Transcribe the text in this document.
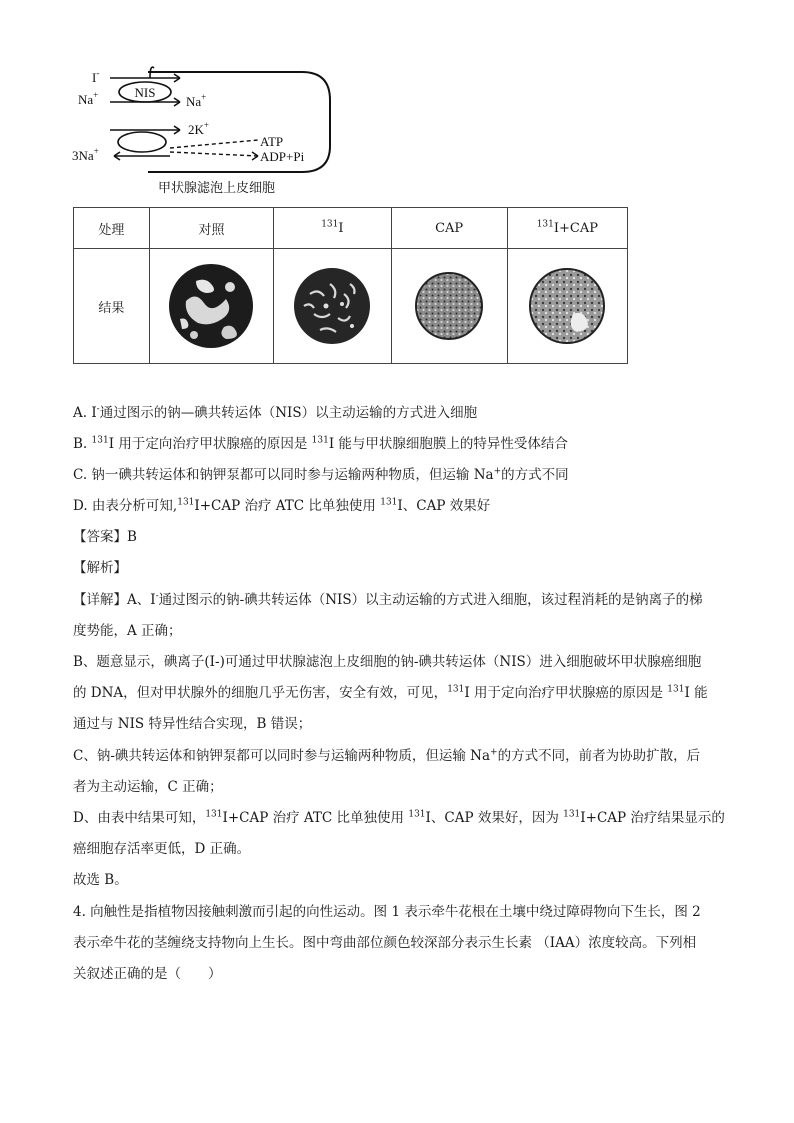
NIS
I-
Na+	Na+
2K+
ATP
ADP+Pi
3Na+
甲状腺滤泡上皮细胞
处理	对照	$^{131}$I	CAP	$^{131}$I+CAP
结果	

A. I-通过图示的钠—碘共转运体（NIS）以主动运输的方式进入细胞
B. $^{131}$I 用于定向治疗甲状腺癌的原因是 $^{131}$I 能与甲状腺细胞膜上的特异性受体结合
C. 钠一碘共转运体和钠钾泵都可以同时参与运输两种物质，但运输 Na+的方式不同
D. 由表分析可知,$^{131}$I+CAP 治疗 ATC 比单独使用 $^{131}$I、CAP 效果好
【答案】B
【解析】
【详解】A、I-通过图示的钠-碘共转运体（NIS）以主动运输的方式进入细胞，该过程消耗的是钠离子的梯
度势能，A 正确；
B、题意显示，碘离子(I-)可通过甲状腺滤泡上皮细胞的钠-碘共转运体（NIS）进入细胞破坏甲状腺癌细胞
的 DNA，但对甲状腺外的细胞几乎无伤害，安全有效，可见，$^{131}$I 用于定向治疗甲状腺癌的原因是 $^{131}$I 能
通过与 NIS 特异性结合实现，B 错误；
C、钠-碘共转运体和钠钾泵都可以同时参与运输两种物质，但运输 Na+的方式不同，前者为协助扩散，后
者为主动运输，C 正确；
D、由表中结果可知，$^{131}$I+CAP 治疗 ATC 比单独使用 $^{131}$I、CAP 效果好，因为 $^{131}$I+CAP 治疗结果显示的
癌细胞存活率更低，D 正确。
故选 B。
4. 向触性是指植物因接触刺激而引起的向性运动。图 1 表示牵牛花根在土壤中绕过障碍物向下生长，图 2
表示牵牛花的茎缠绕支持物向上生长。图中弯曲部位颜色较深部分表示生长素 （IAA）浓度较高。下列相
关叙述正确的是（　　）
